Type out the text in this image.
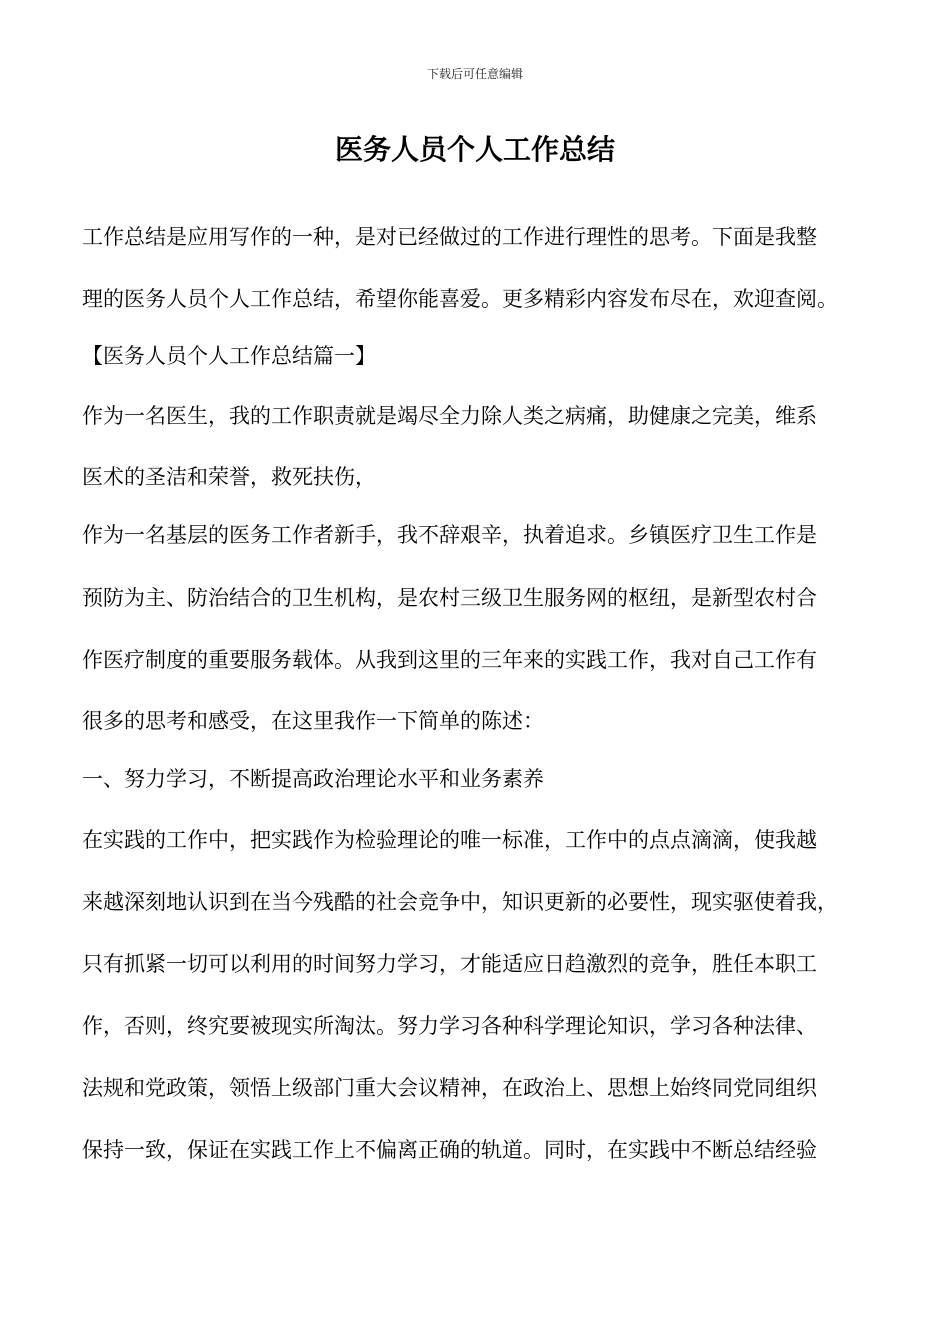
下载后可任意编辑
医务人员个人工作总结
工作总结是应用写作的一种，是对已经做过的工作进行理性的思考。下面是我整
理的医务人员个人工作总结，希望你能喜爱。更多精彩内容发布尽在，欢迎查阅。
【医务人员个人工作总结篇一】
作为一名医生，我的工作职责就是竭尽全力除人类之病痛，助健康之完美，维系
医术的圣洁和荣誉，救死扶伤，
作为一名基层的医务工作者新手，我不辞艰辛，执着追求。乡镇医疗卫生工作是
预防为主、防治结合的卫生机构，是农村三级卫生服务网的枢纽，是新型农村合
作医疗制度的重要服务载体。从我到这里的三年来的实践工作，我对自己工作有
很多的思考和感受，在这里我作一下简单的陈述：
一、努力学习，不断提高政治理论水平和业务素养
在实践的工作中，把实践作为检验理论的唯一标准，工作中的点点滴滴，使我越
来越深刻地认识到在当今残酷的社会竞争中，知识更新的必要性，现实驱使着我，
只有抓紧一切可以利用的时间努力学习，才能适应日趋激烈的竞争，胜任本职工
作，否则，终究要被现实所淘汰。努力学习各种科学理论知识，学习各种法律、
法规和党政策，领悟上级部门重大会议精神，在政治上、思想上始终同党同组织
保持一致，保证在实践工作上不偏离正确的轨道。同时，在实践中不断总结经验
